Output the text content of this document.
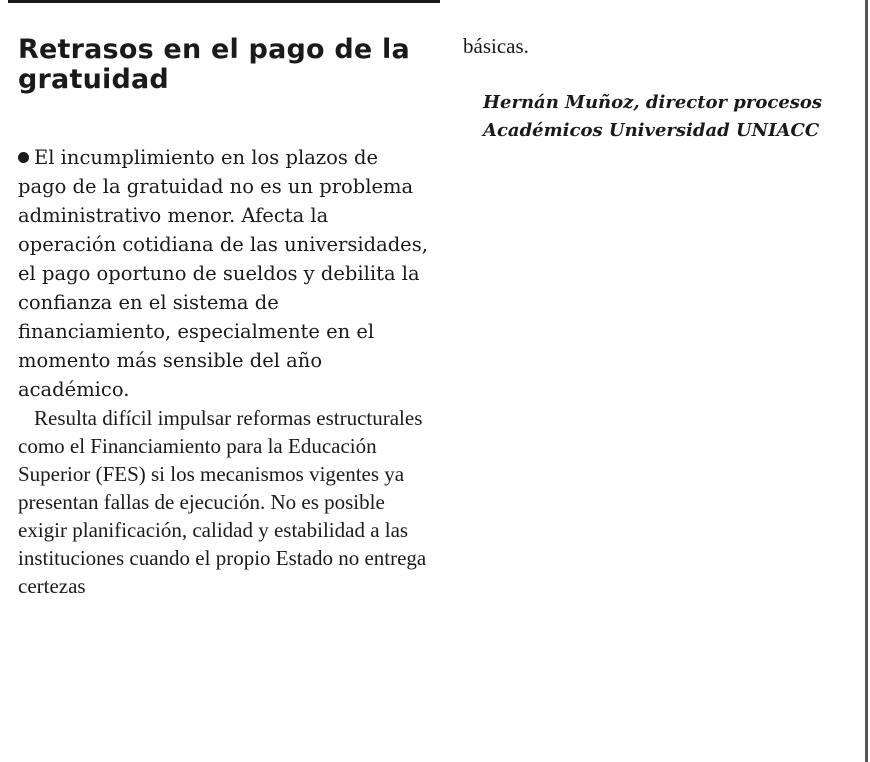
Retrasos en el pago de la gratuidad

El incumplimiento en los plazos de pago de la gratuidad no es un problema administrativo menor. Afecta la operación cotidiana de las universidades, el pago oportuno de sueldos y debilita la confianza en el sistema de financiamiento, especialmente en el momento más sensible del año académico.

Resulta difícil impulsar reformas estructurales como el Financiamiento para la Educación Superior (FES) si los mecanismos vigentes ya presentan fallas de ejecución. No es posible exigir planificación, calidad y estabilidad a las instituciones cuando el propio Estado no entrega certezas

básicas.

Hernán Muñoz, director procesos
Académicos Universidad UNIACC
